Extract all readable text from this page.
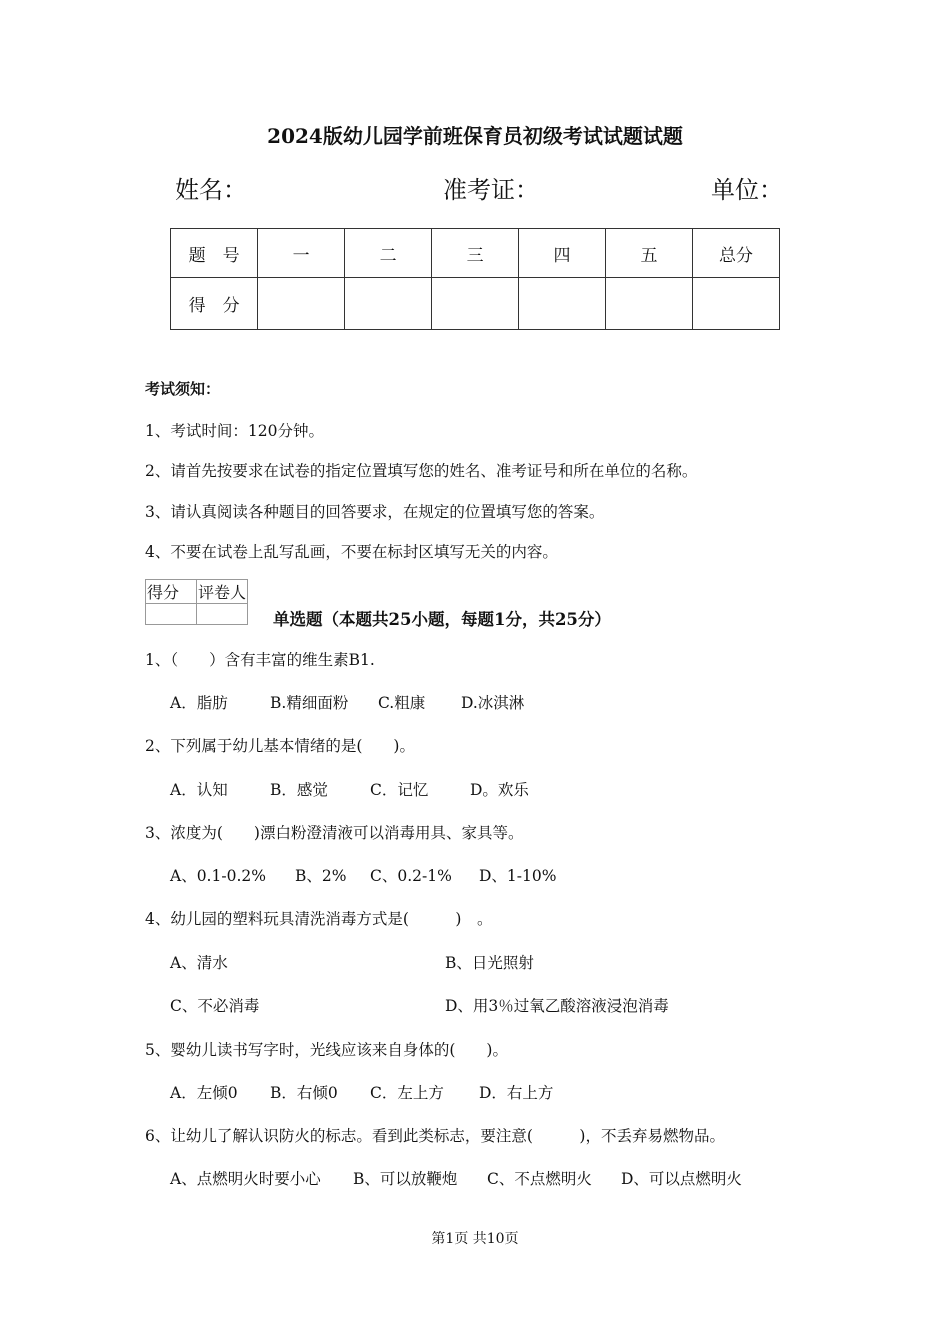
2024版幼儿园学前班保育员初级考试试题试题
姓名：	准考证：	单位：
题　号	一	二	三	四	五	总分
得　分						
考试须知：
1、考试时间：120分钟。
2、请首先按要求在试卷的指定位置填写您的姓名、准考证号和所在单位的名称。
3、请认真阅读各种题目的回答要求，在规定的位置填写您的答案。
4、不要在试卷上乱写乱画，不要在标封区填写无关的内容。
得分	评卷人

单选题（本题共25小题，每题1分，共25分）
1、（　　）含有丰富的维生素B1.
A．脂肪	B.精细面粉 C.粗康 D.冰淇淋
2、下列属于幼儿基本情绪的是(　　)。
A．认知	B．感觉	C．记忆	D。欢乐
3、浓度为(　　)漂白粉澄清液可以消毒用具、家具等。
A、0.1-0.2% B、2% C、0.2-1% D、1-10%
4、幼儿园的塑料玩具清洗消毒方式是(　　　)　。
A、清水	B、日光照射
C、不必消毒	D、用3％过氧乙酸溶液浸泡消毒
5、婴幼儿读书写字时，光线应该来自身体的(　　)。
A．左倾0 B．右倾0 C．左上方 D．右上方
6、让幼儿了解认识防火的标志。看到此类标志，要注意(　　　)，不丢弃易燃物品。
A、点燃明火时要小心 B、可以放鞭炮 C、不点燃明火 D、可以点燃明火
第1页 共10页
